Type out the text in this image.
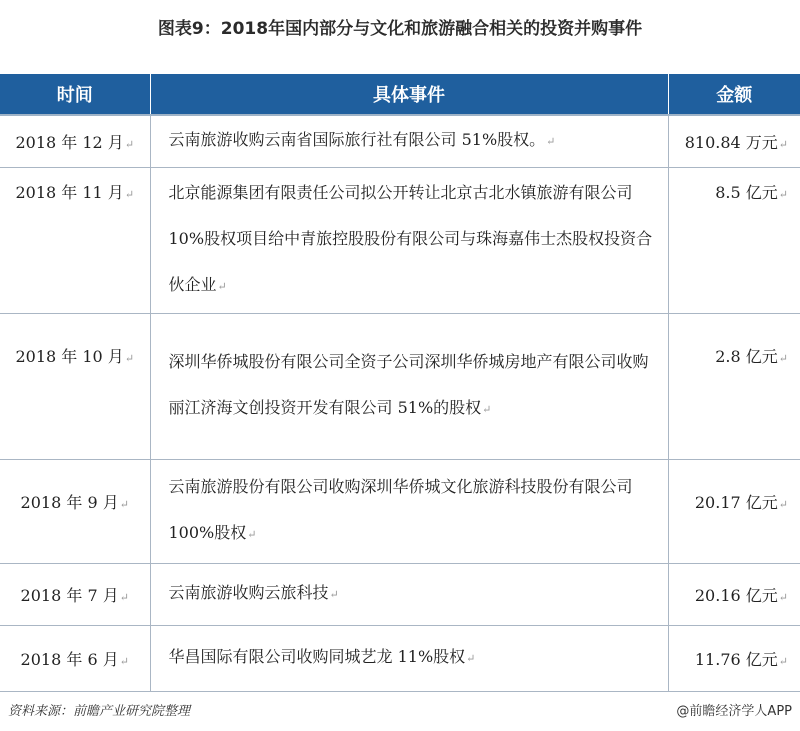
图表9：2018年国内部分与文化和旅游融合相关的投资并购事件
时间	具体事件	金额
2018 年 12 月↵	云南旅游收购云南省国际旅行社有限公司 51%股权。↵	810.84 万元↵
2018 年 11 月↵	北京能源集团有限责任公司拟公开转让北京古北水镇旅游有限公司 10%股权项目给中青旅控股股份有限公司与珠海嘉伟士杰股权投资合伙企业↵	8.5 亿元↵
2018 年 10 月↵	深圳华侨城股份有限公司全资子公司深圳华侨城房地产有限公司收购丽江济海文创投资开发有限公司 51%的股权↵	2.8 亿元↵
2018 年 9 月↵	云南旅游股份有限公司收购深圳华侨城文化旅游科技股份有限公司 100%股权↵	20.17 亿元↵
2018 年 7 月↵	云南旅游收购云旅科技↵	20.16 亿元↵
2018 年 6 月↵	华昌国际有限公司收购同城艺龙 11%股权↵	11.76 亿元↵
资料来源：前瞻产业研究院整理	@前瞻经济学人APP
